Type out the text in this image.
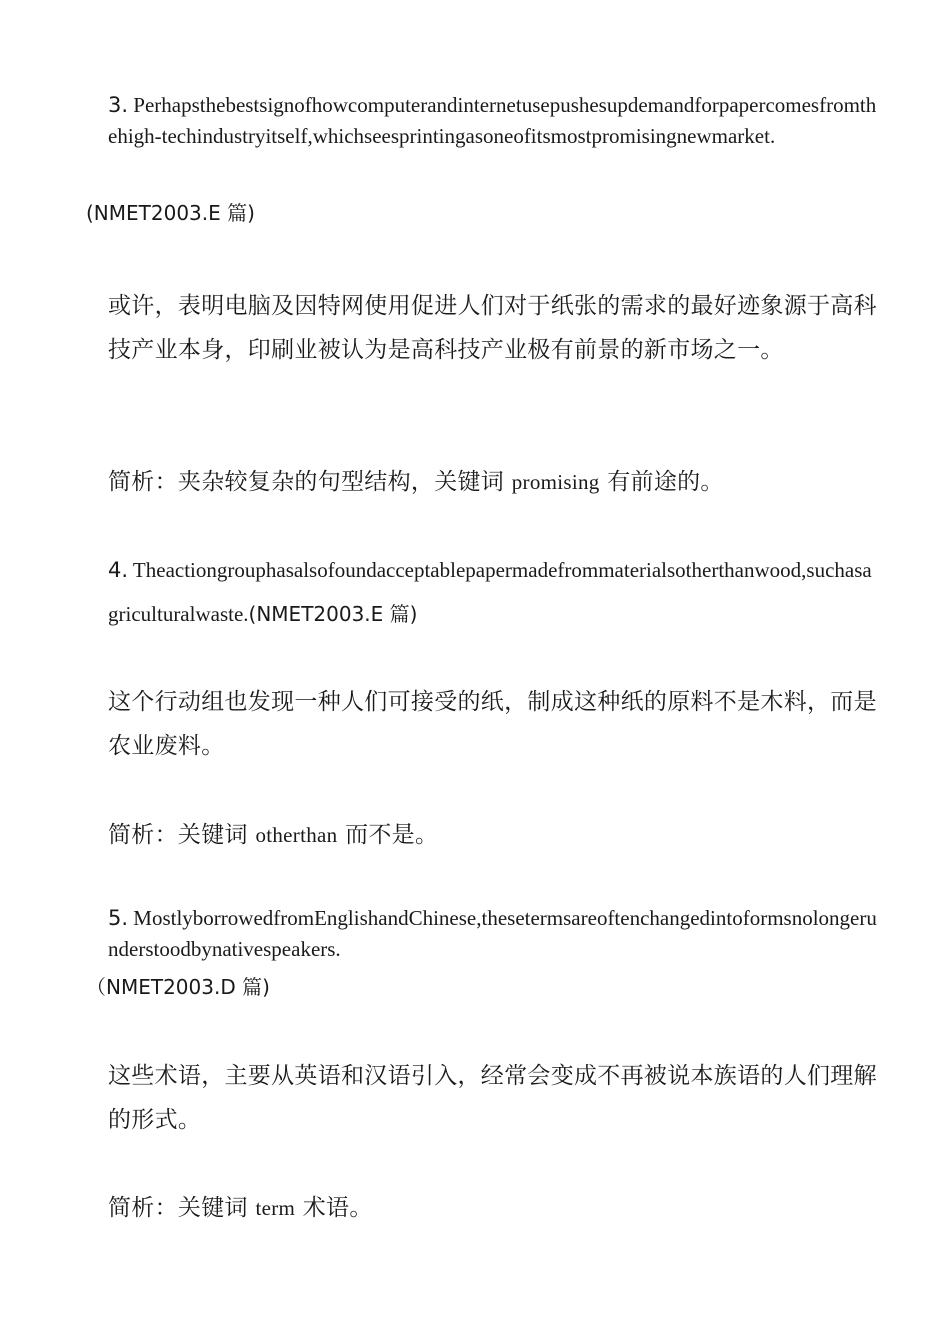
3. Perhapsthebestsignofhowcomputerandinternetusepushesupdemandforpapercomesfromthehigh-techindustryitself,whichseesprintingasoneofitsmostpromisingnewmarket.

(NMET2003.E 篇)

或许，表明电脑及因特网使用促进人们对于纸张的需求的最好迹象源于高科技产业本身，印刷业被认为是高科技产业极有前景的新市场之一。

简析：夹杂较复杂的句型结构，关键词 promising 有前途的。

4. Theactiongrouphasalsofoundacceptablepapermadefrommaterialsotherthanwood,suchasagriculturalwaste.(NMET2003.E 篇)

这个行动组也发现一种人们可接受的纸，制成这种纸的原料不是木料，而是农业废料。

简析：关键词 otherthan 而不是。

5. MostlyborrowedfromEnglishandChinese,thesetermsareoftenchangedintoformsnolongerunderstoodbynativespeakers.

（NMET2003.D 篇)

这些术语，主要从英语和汉语引入，经常会变成不再被说本族语的人们理解的形式。

简析：关键词 term 术语。
